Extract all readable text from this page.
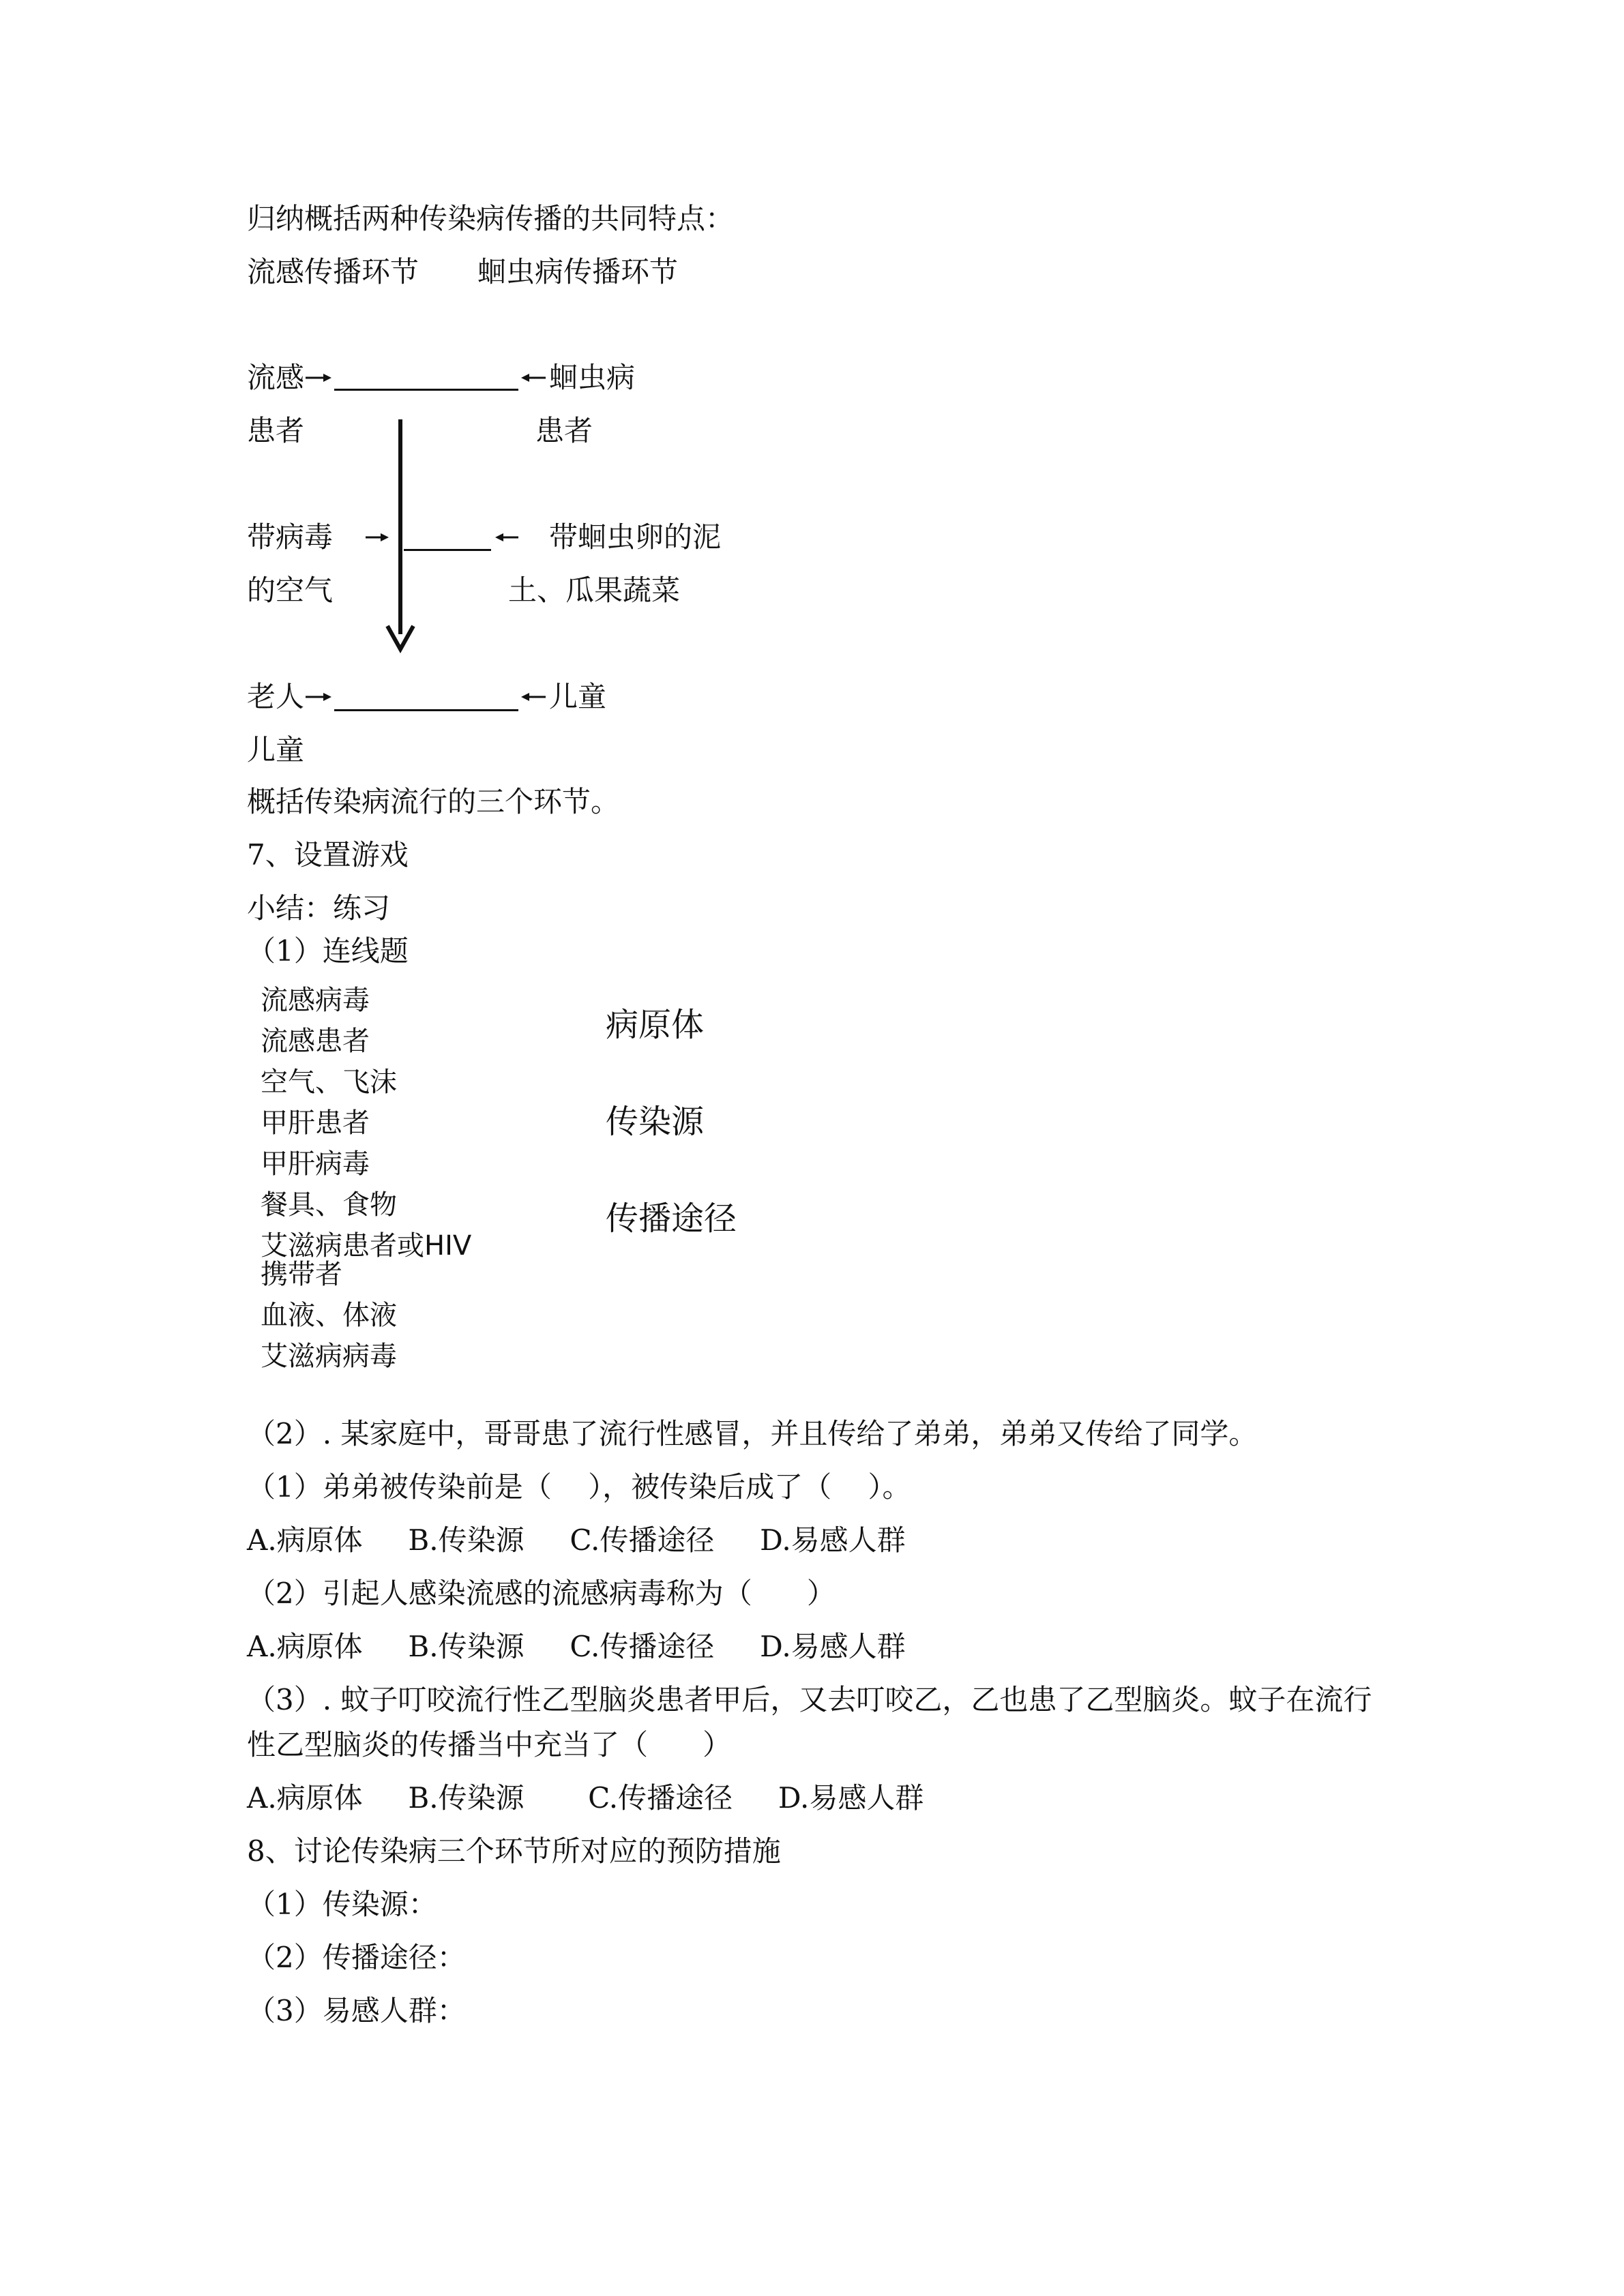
归纳概括两种传染病传播的共同特点：
流感传播环节 蛔虫病传播环节
流感
患者
蛔虫病
患者
带病毒
的空气
带蛔虫卵的泥
土、瓜果蔬菜
老人
儿童
儿童
概括传染病流行的三个环节。
7、设置游戏
小结：练习
（1）连线题
流感病毒
流感患者
空气、飞沫
甲肝患者
甲肝病毒
餐具、食物
艾滋病患者或HIV
携带者
血液、体液
艾滋病病毒
病原体
传染源
传播途径
（2）. 某家庭中，哥哥患了流行性感冒，并且传给了弟弟，弟弟又传给了同学。
（1）弟弟被传染前是（    ），被传染后成了（    ）。
A.病原体     B.传染源     C.传播途径     D.易感人群
（2）引起人感染流感的流感病毒称为（      ）
A.病原体     B.传染源     C.传播途径     D.易感人群
（3）. 蚊子叮咬流行性乙型脑炎患者甲后，又去叮咬乙，乙也患了乙型脑炎。蚊子在流行
性乙型脑炎的传播当中充当了（      ）
A.病原体     B.传染源       C.传播途径     D.易感人群
8、讨论传染病三个环节所对应的预防措施
（1）传染源：
（2）传播途径：
（3）易感人群：
